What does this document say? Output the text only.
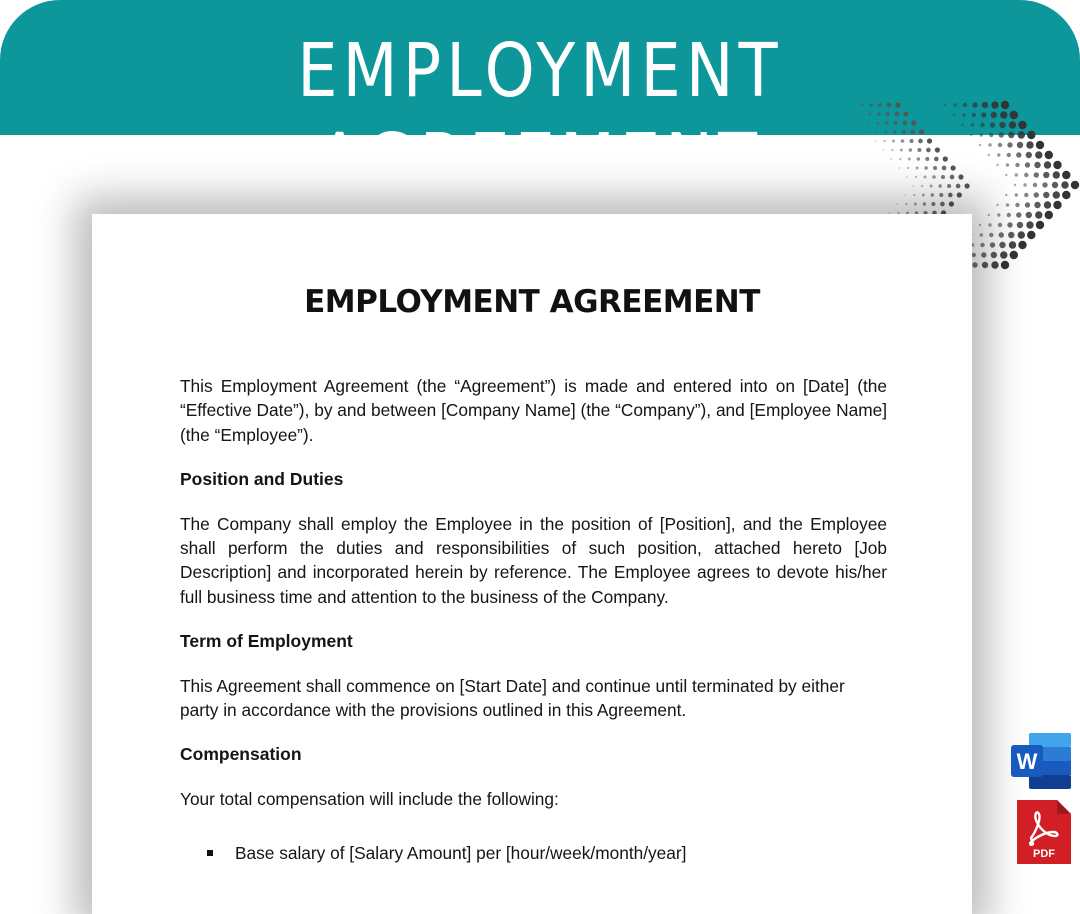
EMPLOYMENT AGREEMENT
EMPLOYMENT AGREEMENT

This Employment Agreement (the “Agreement”) is made and entered into on [Date] (the “Effective Date”), by and between [Company Name] (the “Company”), and [Employee Name] (the “Employee”).

Position and Duties

The Company shall employ the Employee in the position of [Position], and the Employee shall perform the duties and responsibilities of such position, attached hereto [Job Description] and incorporated herein by reference. The Employee agrees to devote his/her full business time and attention to the business of the Company.

Term of Employment

This Agreement shall commence on [Start Date] and continue until terminated by either party in accordance with the provisions outlined in this Agreement.

Compensation

Your total compensation will include the following:

Base salary of [Salary Amount] per [hour/week/month/year]
W
PDF
